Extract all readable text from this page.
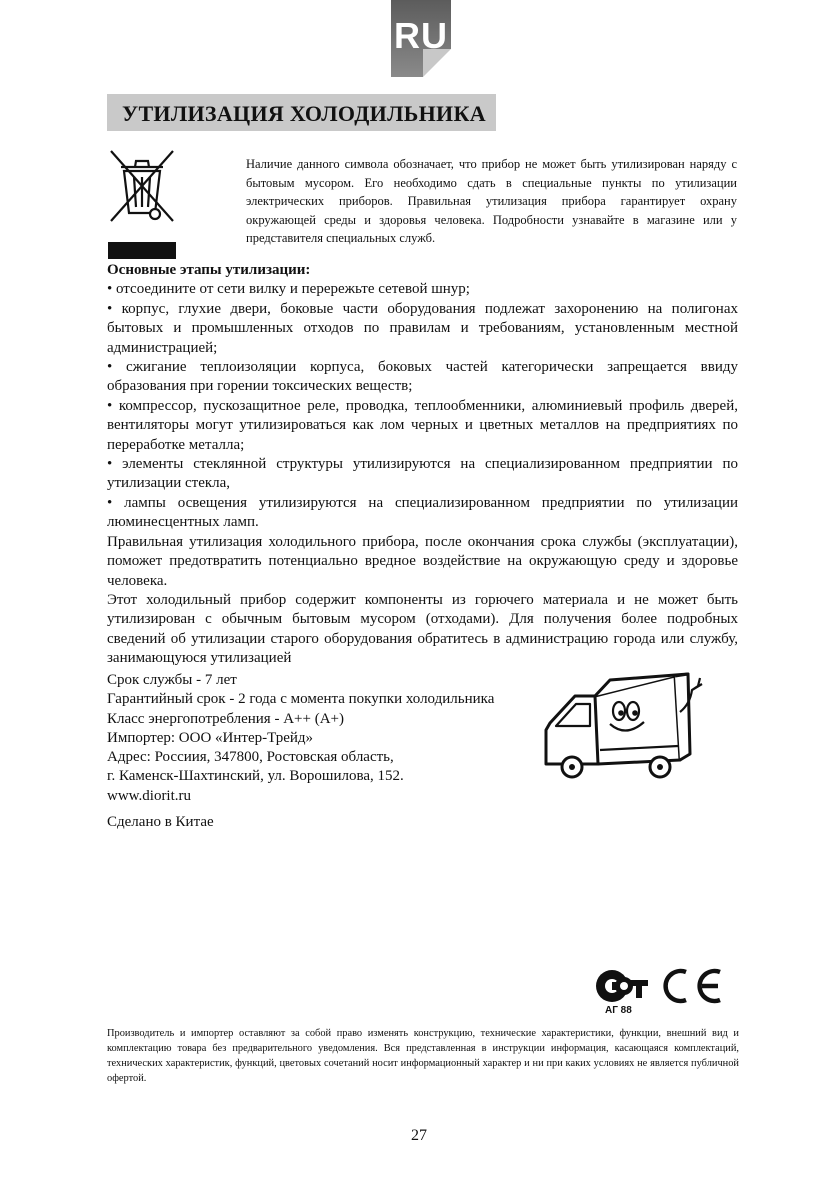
RU
УТИЛИЗАЦИЯ ХОЛОДИЛЬНИКА
Наличие данного символа обозначает, что прибор не может быть утилизирован наряду с бытовым мусором. Его необходимо сдать в специальные пункты по утилизации электрических приборов. Правильная утилизация прибора гарантирует охрану окружающей среды и здоровья человека. Подробности узнавайте в магазине или у представителя специальных служб.

Основные этапы утилизации:

• отсоедините от сети вилку и перережьте сетевой шнур;

• корпус, глухие двери, боковые части оборудования подлежат захоронению на полигонах бытовых и промышленных отходов по правилам и требованиям, установленным местной администрацией;

• сжигание теплоизоляции корпуса, боковых частей категорически запрещается ввиду образования при горении токсических веществ;

• компрессор, пускозащитное реле, проводка, теплообменники, алюминиевый профиль дверей, вентиляторы могут утилизироваться как лом черных и цветных металлов на предприятиях по переработке металла;

• элементы стеклянной структуры утилизируются на специализированном предприятии по утилизации стекла,

• лампы освещения утилизируются на специализированном предприятии по утилизации люминесцентных ламп.

Правильная утилизация холодильного прибора, после окончания срока службы (эксплуатации), поможет предотвратить потенциально вредное воздействие на окружающую среду и здоровье человека.

Этот холодильный прибор содержит компоненты из горючего материала и не может быть утилизирован с обычным бытовым мусором (отходами). Для получения более подробных сведений об утилизации старого оборудования обратитесь в администрацию города или службу, занимающуюся утилизацией

Срок службы - 7 лет
Гарантийный срок - 2 года с момента покупки холодильника
Класс энергопотребления - А++ (А+)
Импортер: ООО «Интер-Трейд»
Адрес: Россиия, 347800, Ростовская область,
г. Каменск-Шахтинский, ул. Ворошилова, 152.
www.diorit.ru
Сделано в Китае
АГ 88
Производитель и импортер оставляют за собой право изменять конструкцию, технические характеристики, функции, внешний вид и комплектацию товара без предварительного уведомления. Вся представленная в инструкции информация, касающаяся комплектаций, технических характеристик, функций, цветовых сочетаний носит информационный характер и ни при каких условиях не является публичной офертой.
27
